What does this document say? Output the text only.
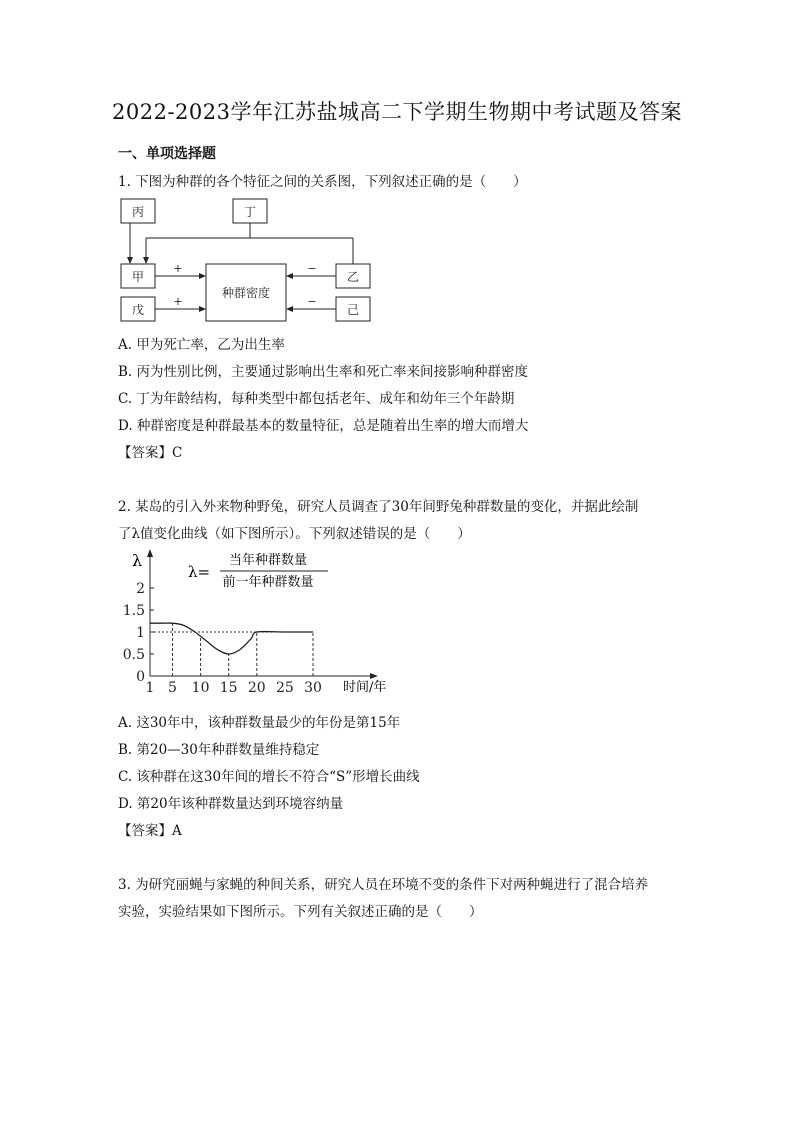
2022-2023学年江苏盐城高二下学期生物期中考试题及答案
一、单项选择题
1. 下图为种群的各个特征之间的关系图，下列叙述正确的是（　　）
丙	丁
甲
戊
乙
己
种群密度
+
+
−
−
A. 甲为死亡率，乙为出生率
B. 丙为性别比例，主要通过影响出生率和死亡率来间接影响种群密度
C. 丁为年龄结构，每种类型中都包括老年、成年和幼年三个年龄期
D. 种群密度是种群最基本的数量特征，总是随着出生率的增大而增大
【答案】C
2. 某岛的引入外来物种野兔，研究人员调查了30年间野兔种群数量的变化，并据此绘制
了λ值变化曲线（如下图所示）。下列叙述错误的是（　　）
λ
时间/年
λ=
当年种群数量
前一年种群数量
0
0.5
1
1.5
2
1 5 10 15 20 25 30
A. 这30年中，该种群数量最少的年份是第15年
B. 第20—30年种群数量维持稳定
C. 该种群在这30年间的增长不符合“S”形增长曲线
D. 第20年该种群数量达到环境容纳量
【答案】A
3. 为研究丽蝇与家蝇的种间关系，研究人员在环境不变的条件下对两种蝇进行了混合培养
实验，实验结果如下图所示。下列有关叙述正确的是（　　）
